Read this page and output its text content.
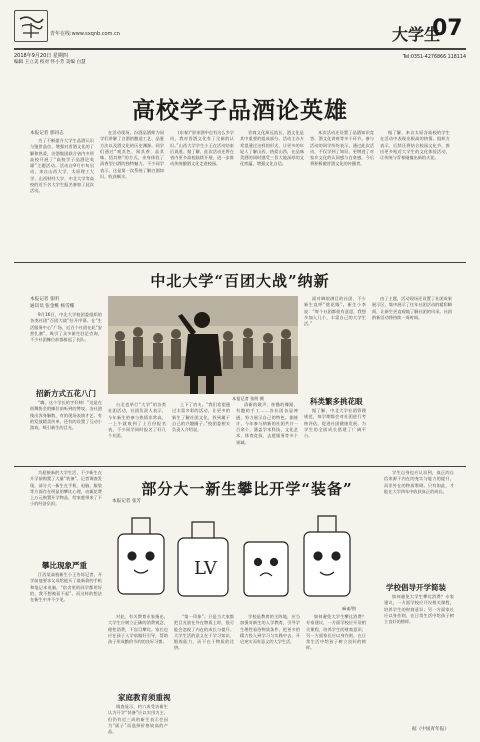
青年在线:www.sxqnb.com.cn	大学生
07
2018年9月20日 星期四
编辑 王立美 校对 怀小芳 美编 白慧
Tel:0351-4276866 118114
高校学子品酒论英雄
本报记者 郭同志

为了不断提升大学生品酒认识与鉴赏品位，增强对晋酒文化的了解和热爱，汾酒集团联合省内多所高校开展了“高校学子品酒论英雄”主题活动。活动自9月中旬启动，来自山西大学、太原理工大学、山西财经大学、中北大学等高校的近千名大学生报名参加了此次活动。

在活动现场，汾酒品酒师为同学们讲解了白酒的酿造工艺、品鉴方法以及酒文化的历史渊源。同学们通过“观其色、闻其香、品其味、悟其格”的方式，亲身体验了清香型白酒的独特魅力。不少同学表示，这是第一次系统了解白酒知识，收获颇丰。

(东春)“原来酒中也有这么多学问，我对晋酒文化有了全新的认识。”山西大学学生小王在活动结束后说道。据了解，此次活动还将在省内更多高校陆续开展，进一步推动传统酿酒文化走进校园。

晋商文化源远流长，酒文化是其中重要的组成部分。活动主办方希望通过这样的形式，让更多的年轻人了解山西、热爱山西，在品味美酒的同时感受三晋大地深厚的文化底蕴，增强文化自信。

本次活动还设置了品酒知识竞答、酒文化讲座等多个环节。参与活动的同学纷纷表示，通过此次活动，不仅学到了知识，更增进了对家乡文化的认同感与自豪感，今后将积极做晋酒文化的传播者。

据了解，来自太原各高校的学生在活动中表现出极高的热情。组织方表示，后续还将结合校园文化节，推出更多贴近大学生的文化体验活动，让传统与青春碰撞出新的火花。

中北大学“百团大战”纳新
本报记者 张明
通讯员 张金桃 杨雪娜

9月16日，中北大学校团委组织的各类社团“百团大战”拉开序幕。在“生活服务中心”广场，近百个社团在此“安营扎寨”，吸引了众多新生驻足咨询，不少社团摊位前都排起了长队。

招新方式五花八门

“嗨，这个学长的字好帅！”这是在街舞协会的摊位前听到的赞叹。各社团使出浑身解数，有的现场表演才艺，有的发放精美传单，还有的设置了互动小游戏，吸引新生的目光。

本报记者 张明 摄

台北也举行“大学”的各类社团活动，社团负责人表示，今年新生的参与热情非常高，一上午就收到了上百份报名表，不少同学同时报名了好几个社团。

上下了功夫。“我们希望通过丰富多彩的活动，让更多的新生了解社团文化，找到属于自己的兴趣圈子。”校团委相关负责人介绍说。

清新的歌声、炫酷的舞蹈、有趣的手工……各社团各显神通，努力展示自己的特色。据统计，今年参与纳新的社团共计一百余个，涵盖学术科技、文化艺术、体育竞技、志愿服务等多个领域。

面对琳琅满目的社团，不少新生直呼“挑花眼”。新生小李说：“每个社团都很有意思，我想多加入几个，丰富自己的大学生活。”

科类繁多挑花眼

据了解，中北大学社团管理规范，每学期都会对社团进行考核评估，促进社团健康发展，为学生的全面成长搭建了广阔平台。

由了主题，活动现场还设置了社团成果展示区，集中展示了往年社团活动的精彩瞬间，让新生更直观地了解社团的风采。社团纳新活动将持续一周时间。

部分大一新生攀比开学“装备”

为迎接新的大学生活，不少新生在开学前购置了大量“装备”。记者调查发现，部分大一新生在手机、电脑、服装等方面存在明显的攀比心理，动辄花费上万元购置开学物品，给家庭带来了不小的经济负担。

攀比现象严重

江西某高校新生小王告诉记者，开学前他要求父母给他买了最新款的手机和笔记本电脑，“宿舍里的同学都用好的，我不想被看不起”。而这样的想法在新生中并不少见。

LV
本报记者 张芳
麻雀/图

对此，有关教育专家指出，大学生应树立正确的消费观念，理性消费，不盲目攀比。家长也应在孩子入学前做好引导，帮助孩子形成勤俭节约的良好习惯。

家庭教育须重视

调查显示，约六成受访新生认为开学“装备”应以实用为主，但仍有近三成的新生表示会因为“面子”而选择价格较高的产品。

“第一印象”。只是当大家都把目光放在外在物质上时，很可能会忽视了内在的成长与提升。大学生活的意义在于学习知识、锻炼能力，而不在于物质的比拼。

学校是教育的主阵地，应当加强对新生的入学教育，引导学生理性看待物质条件，把更多的精力投入到学习与实践中去，开启充实而有意义的大学生活。

如何避免大学生攀比消费？专家建议，一方面学校应开设相关课程，培养学生的财商意识；另一方面家长应以身作则，在日常生活中给孩子树立良好的榜样。

学生自身也应认识到，真正的自信来源于内在的充实与能力的提升，而非外在的物质堆砌。只有如此，才能在大学四年中收获真正的成长。

学校倡导开学简装

如何避免大学生攀比消费？专家建议，一方面学校应开设相关课程，培养学生的财商意识；另一方面家长应以身作则，在日常生活中给孩子树立良好的榜样。

据《中国青年报》
